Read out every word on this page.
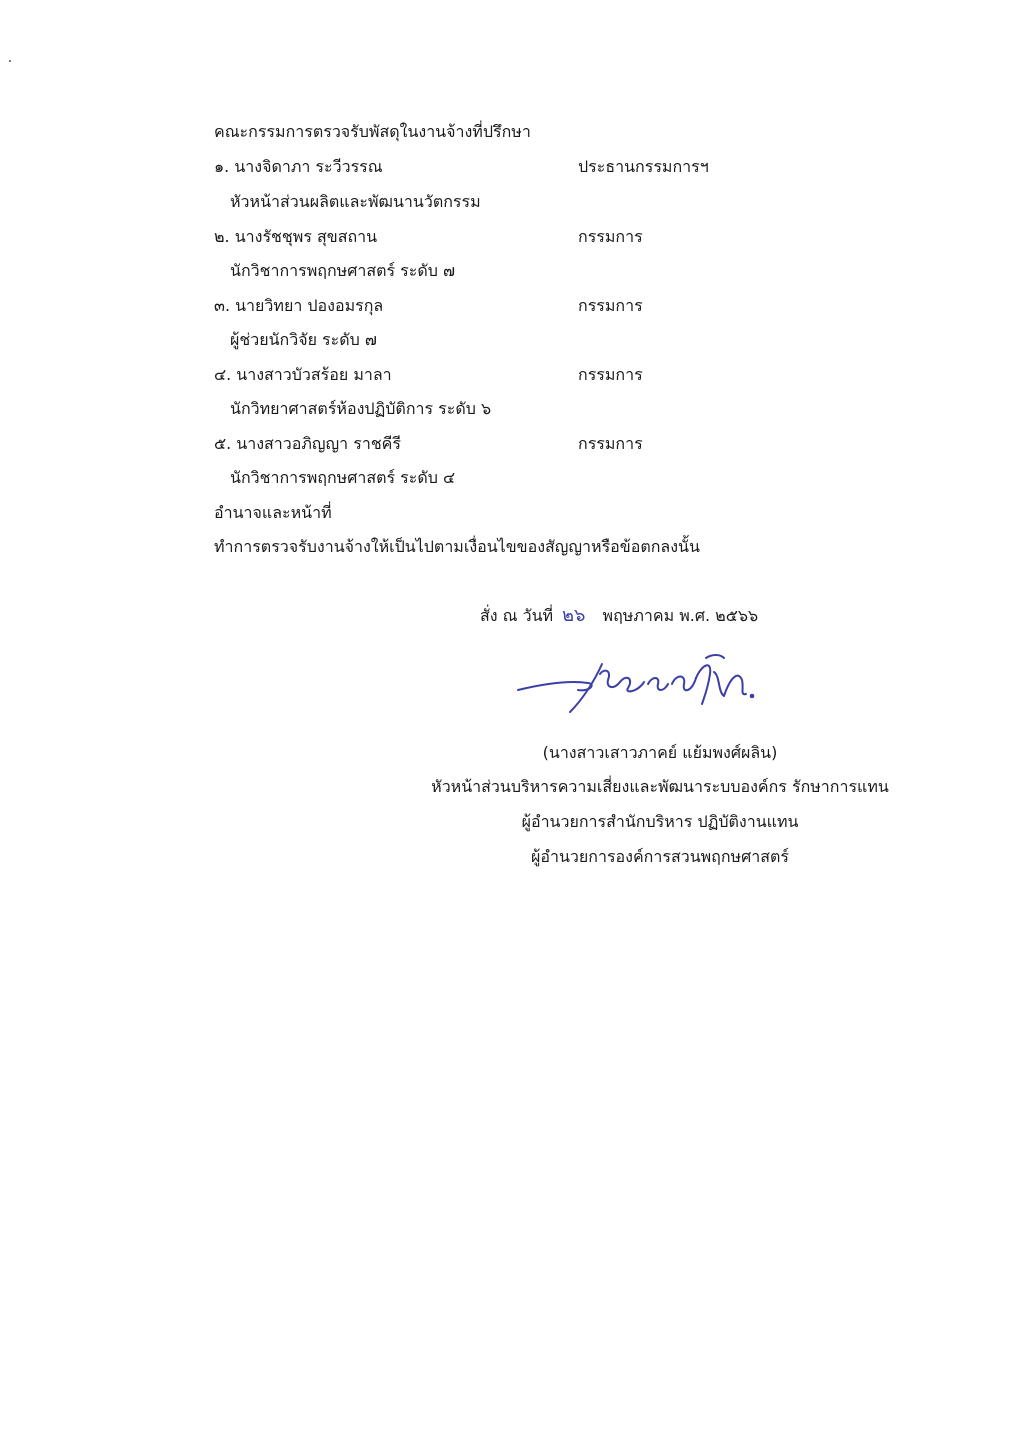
คณะกรรมการตรวจรับพัสดุในงานจ้างที่ปรึกษา
๑. นางจิดาภา ระวีวรรณ	ประธานกรรมการฯ
หัวหน้าส่วนผลิตและพัฒนานวัตกรรม
๒. นางรัชชุพร สุขสถาน	กรรมการ
นักวิชาการพฤกษศาสตร์ ระดับ ๗
๓. นายวิทยา ปองอมรกุล	กรรมการ
ผู้ช่วยนักวิจัย ระดับ ๗
๔. นางสาวบัวสร้อย มาลา	กรรมการ
นักวิทยาศาสตร์ห้องปฏิบัติการ ระดับ ๖
๕. นางสาวอภิญญา ราชคีรี	กรรมการ
นักวิชาการพฤกษศาสตร์ ระดับ ๔
อำนาจและหน้าที่
ทำการตรวจรับงานจ้างให้เป็นไปตามเงื่อนไขของสัญญาหรือข้อตกลงนั้น
สั่ง ณ วันที่ ๒๖ พฤษภาคม พ.ศ. ๒๕๖๖
(นางสาวเสาวภาคย์ แย้มพงศ์ผลิน)
หัวหน้าส่วนบริหารความเสี่ยงและพัฒนาระบบองค์กร รักษาการแทน
ผู้อำนวยการสำนักบริหาร ปฏิบัติงานแทน
ผู้อำนวยการองค์การสวนพฤกษศาสตร์
